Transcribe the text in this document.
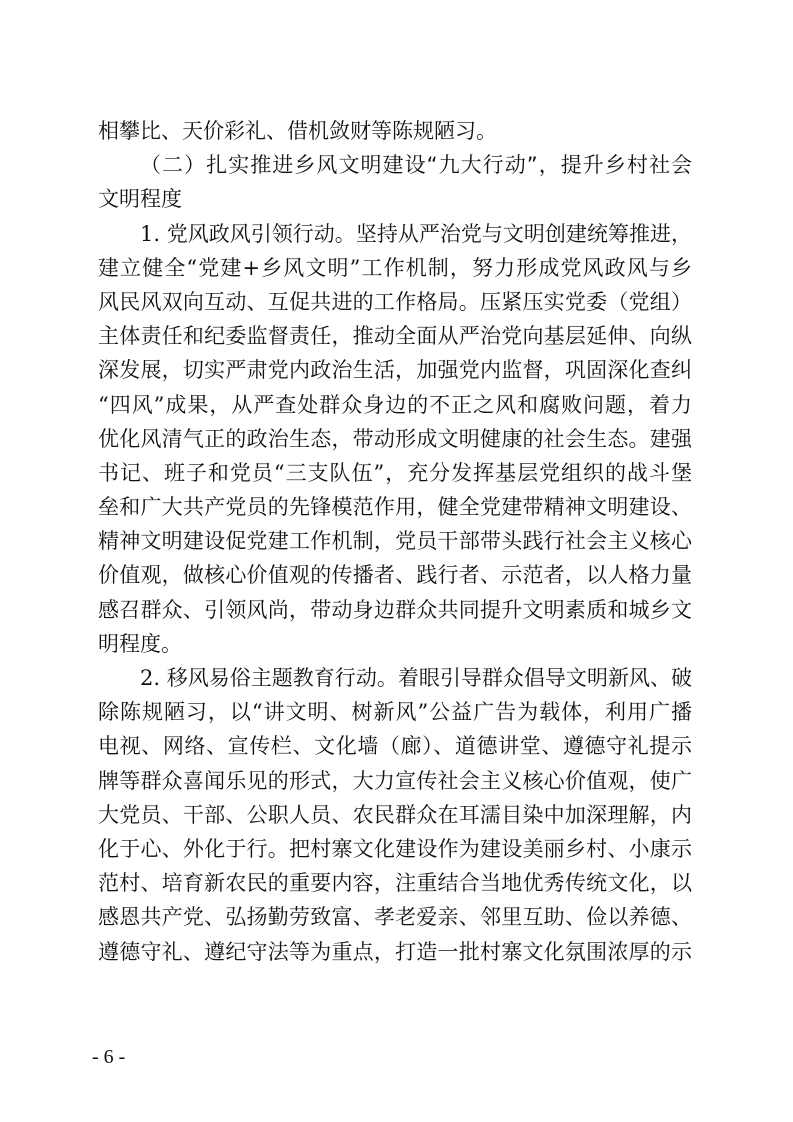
相攀比、天价彩礼、借机敛财等陈规陋习。
（二）扎实推进乡风文明建设“九大行动”，提升乡村社会
文明程度
1. 党风政风引领行动。坚持从严治党与文明创建统筹推进，
建立健全“党建+乡风文明”工作机制，努力形成党风政风与乡
风民风双向互动、互促共进的工作格局。压紧压实党委（党组）
主体责任和纪委监督责任，推动全面从严治党向基层延伸、向纵
深发展，切实严肃党内政治生活，加强党内监督，巩固深化查纠
“四风”成果，从严查处群众身边的不正之风和腐败问题，着力
优化风清气正的政治生态，带动形成文明健康的社会生态。建强
书记、班子和党员“三支队伍”，充分发挥基层党组织的战斗堡
垒和广大共产党员的先锋模范作用，健全党建带精神文明建设、
精神文明建设促党建工作机制，党员干部带头践行社会主义核心
价值观，做核心价值观的传播者、践行者、示范者，以人格力量
感召群众、引领风尚，带动身边群众共同提升文明素质和城乡文
明程度。
2. 移风易俗主题教育行动。着眼引导群众倡导文明新风、破
除陈规陋习，以“讲文明、树新风”公益广告为载体，利用广播
电视、网络、宣传栏、文化墙（廊）、道德讲堂、遵德守礼提示
牌等群众喜闻乐见的形式，大力宣传社会主义核心价值观，使广
大党员、干部、公职人员、农民群众在耳濡目染中加深理解，内
化于心、外化于行。把村寨文化建设作为建设美丽乡村、小康示
范村、培育新农民的重要内容，注重结合当地优秀传统文化，以
感恩共产党、弘扬勤劳致富、孝老爱亲、邻里互助、俭以养德、
遵德守礼、遵纪守法等为重点，打造一批村寨文化氛围浓厚的示
- 6 -
